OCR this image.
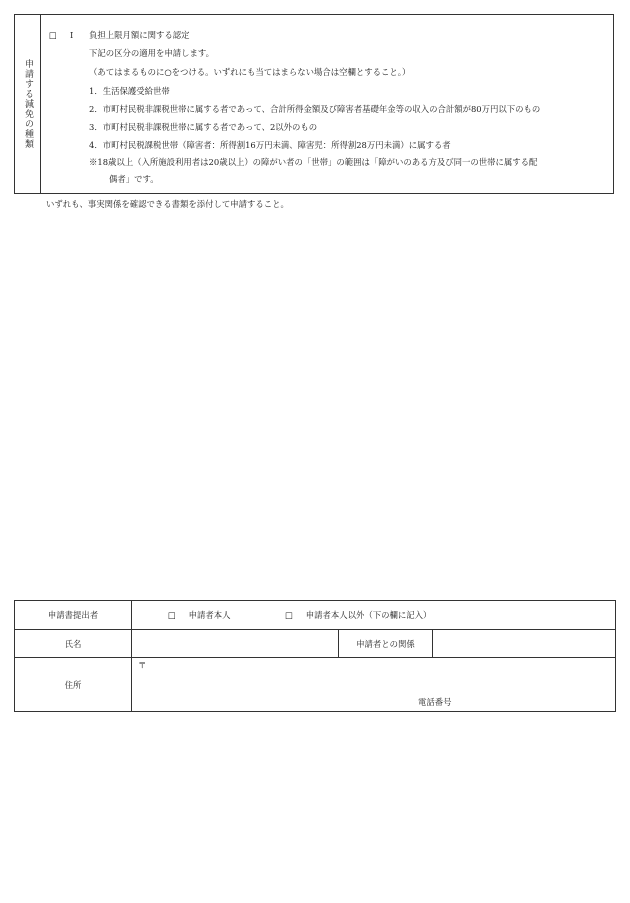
申請する減免の種類
□ Ⅰ 負担上限月額に関する認定
下記の区分の適用を申請します。
（あてはまるものに○をつける。いずれにも当てはまらない場合は空欄とすること。）
1．生活保護受給世帯
2．市町村民税非課税世帯に属する者であって、合計所得金額及び障害者基礎年金等の収入の合計額が80万円以下のもの
3．市町村民税非課税世帯に属する者であって、2以外のもの
4．市町村民税課税世帯（障害者：所得割16万円未満、障害児：所得割28万円未満）に属する者
※18歳以上（入所施設利用者は20歳以上）の障がい者の「世帯」の範囲は「障がいのある方及び同一の世帯に属する配
偶者」です。
いずれも、事実関係を確認できる書類を添付して申請すること。
申請書提出者	□ 申請者本人 □ 申請者本人以外（下の欄に記入）		
氏名		申請者との関係	
住所	〒
電話番号		
